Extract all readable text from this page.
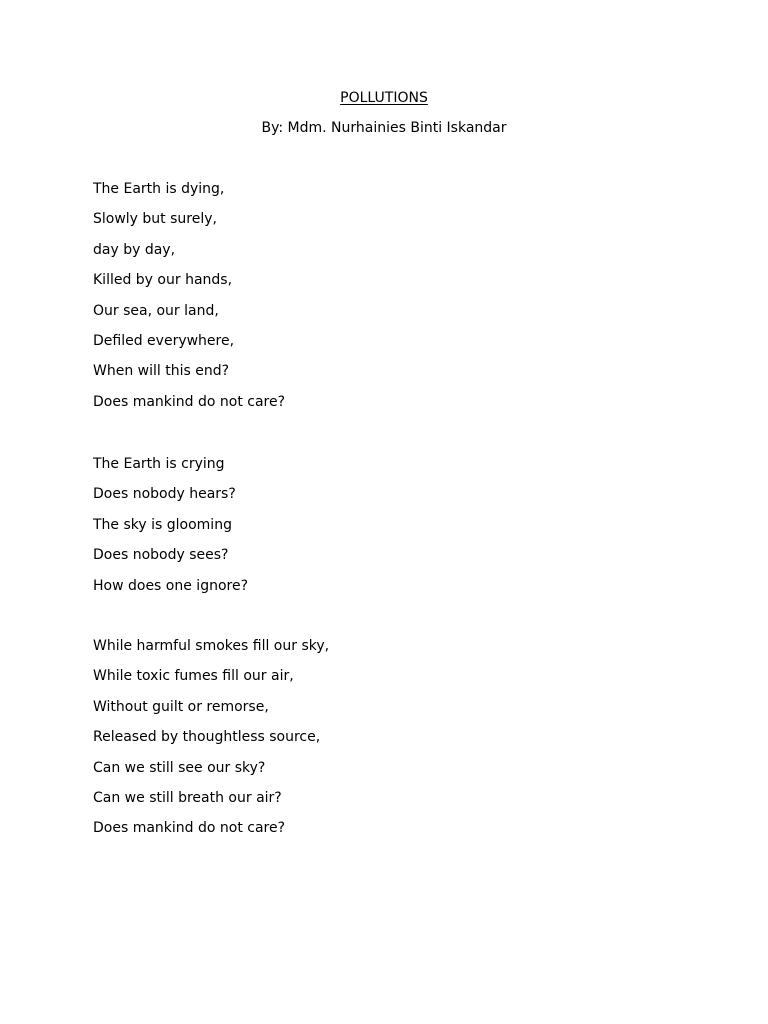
POLLUTIONS
By: Mdm. Nurhainies Binti Iskandar
The Earth is dying,
Slowly but surely,
day by day,
Killed by our hands,
Our sea, our land,
Defiled everywhere,
When will this end?
Does mankind do not care?
The Earth is crying
Does nobody hears?
The sky is glooming
Does nobody sees?
How does one ignore?
While harmful smokes fill our sky,
While toxic fumes fill our air,
Without guilt or remorse,
Released by thoughtless source,
Can we still see our sky?
Can we still breath our air?
Does mankind do not care?
